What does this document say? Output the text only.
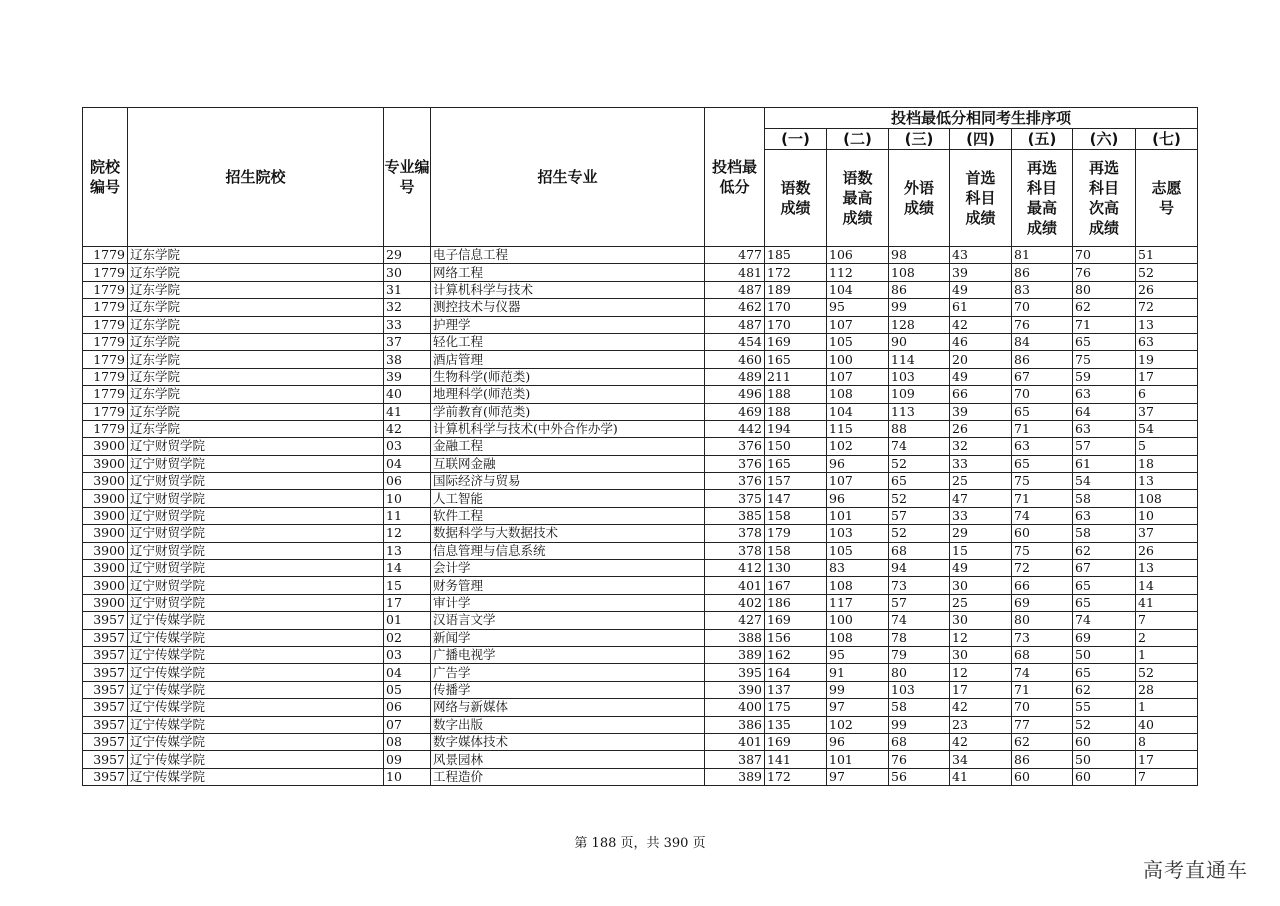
院校编号	招生院校	专业编号	招生专业	投档最低分	投档最低分相同考生排序项						
					(一)	(二)	(三)	(四)	(五)	(六)	(七)
					语数成绩	语数最高成绩	外语成绩	首选科目成绩	再选科目最高成绩	再选科目次高成绩	志愿号
1779	辽东学院	29	电子信息工程	477	185	106	98	43	81	70	51
1779	辽东学院	30	网络工程	481	172	112	108	39	86	76	52
1779	辽东学院	31	计算机科学与技术	487	189	104	86	49	83	80	26
1779	辽东学院	32	测控技术与仪器	462	170	95	99	61	70	62	72
1779	辽东学院	33	护理学	487	170	107	128	42	76	71	13
1779	辽东学院	37	轻化工程	454	169	105	90	46	84	65	63
1779	辽东学院	38	酒店管理	460	165	100	114	20	86	75	19
1779	辽东学院	39	生物科学(师范类)	489	211	107	103	49	67	59	17
1779	辽东学院	40	地理科学(师范类)	496	188	108	109	66	70	63	6
1779	辽东学院	41	学前教育(师范类)	469	188	104	113	39	65	64	37
1779	辽东学院	42	计算机科学与技术(中外合作办学)	442	194	115	88	26	71	63	54
3900	辽宁财贸学院	03	金融工程	376	150	102	74	32	63	57	5
3900	辽宁财贸学院	04	互联网金融	376	165	96	52	33	65	61	18
3900	辽宁财贸学院	06	国际经济与贸易	376	157	107	65	25	75	54	13
3900	辽宁财贸学院	10	人工智能	375	147	96	52	47	71	58	108
3900	辽宁财贸学院	11	软件工程	385	158	101	57	33	74	63	10
3900	辽宁财贸学院	12	数据科学与大数据技术	378	179	103	52	29	60	58	37
3900	辽宁财贸学院	13	信息管理与信息系统	378	158	105	68	15	75	62	26
3900	辽宁财贸学院	14	会计学	412	130	83	94	49	72	67	13
3900	辽宁财贸学院	15	财务管理	401	167	108	73	30	66	65	14
3900	辽宁财贸学院	17	审计学	402	186	117	57	25	69	65	41
3957	辽宁传媒学院	01	汉语言文学	427	169	100	74	30	80	74	7
3957	辽宁传媒学院	02	新闻学	388	156	108	78	12	73	69	2
3957	辽宁传媒学院	03	广播电视学	389	162	95	79	30	68	50	1
3957	辽宁传媒学院	04	广告学	395	164	91	80	12	74	65	52
3957	辽宁传媒学院	05	传播学	390	137	99	103	17	71	62	28
3957	辽宁传媒学院	06	网络与新媒体	400	175	97	58	42	70	55	1
3957	辽宁传媒学院	07	数字出版	386	135	102	99	23	77	52	40
3957	辽宁传媒学院	08	数字媒体技术	401	169	96	68	42	62	60	8
3957	辽宁传媒学院	09	风景园林	387	141	101	76	34	86	50	17
3957	辽宁传媒学院	10	工程造价	389	172	97	56	41	60	60	7
第 188 页，共 390 页
高考直通车
